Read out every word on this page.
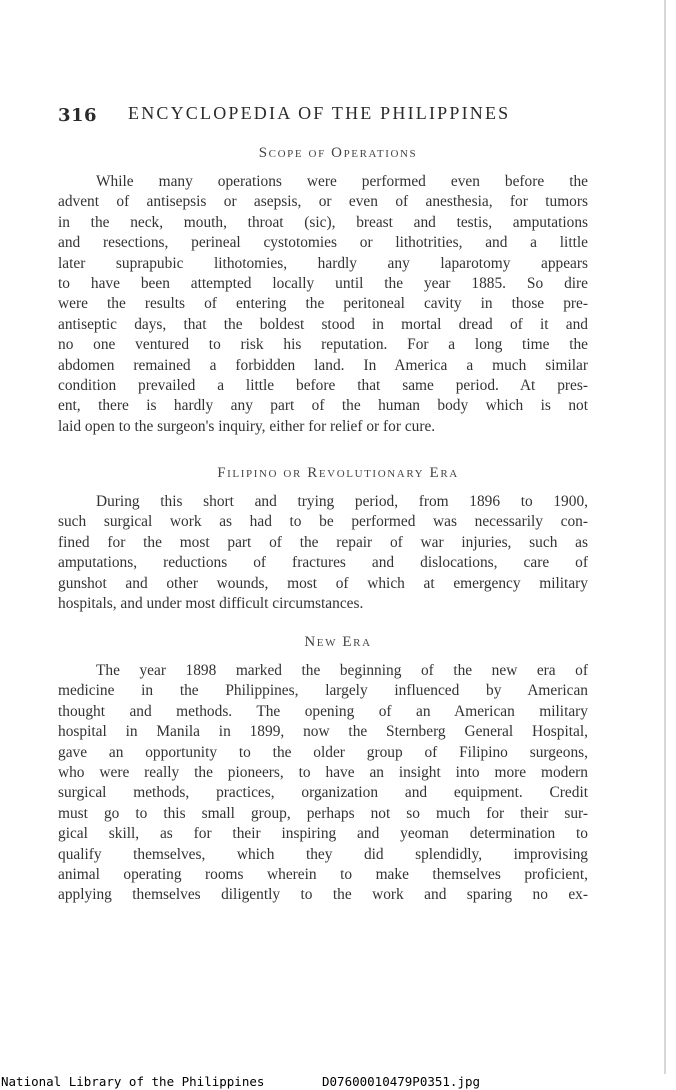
316 ENCYCLOPEDIA OF THE PHILIPPINES
Scope of Operations
While many operations were performed even before the
advent of antisepsis or asepsis, or even of anesthesia, for tumors
in the neck, mouth, throat (sic), breast and testis, amputations
and resections, perineal cystotomies or lithotrities, and a little
later suprapubic lithotomies, hardly any laparotomy appears
to have been attempted locally until the year 1885. So dire
were the results of entering the peritoneal cavity in those pre-
antiseptic days, that the boldest stood in mortal dread of it and
no one ventured to risk his reputation. For a long time the
abdomen remained a forbidden land. In America a much similar
condition prevailed a little before that same period. At pres-
ent, there is hardly any part of the human body which is not
laid open to the surgeon's inquiry, either for relief or for cure.
Filipino or Revolutionary Era
During this short and trying period, from 1896 to 1900,
such surgical work as had to be performed was necessarily con-
fined for the most part of the repair of war injuries, such as
amputations, reductions of fractures and dislocations, care of
gunshot and other wounds, most of which at emergency military
hospitals, and under most difficult circumstances.
New Era
The year 1898 marked the beginning of the new era of
medicine in the Philippines, largely influenced by American
thought and methods. The opening of an American military
hospital in Manila in 1899, now the Sternberg General Hospital,
gave an opportunity to the older group of Filipino surgeons,
who were really the pioneers, to have an insight into more modern
surgical methods, practices, organization and equipment. Credit
must go to this small group, perhaps not so much for their sur-
gical skill, as for their inspiring and yeoman determination to
qualify themselves, which they did splendidly, improvising
animal operating rooms wherein to make themselves proficient,
applying themselves diligently to the work and sparing no ex-
National Library of the Philippines	D07600010479P0351.jpg
